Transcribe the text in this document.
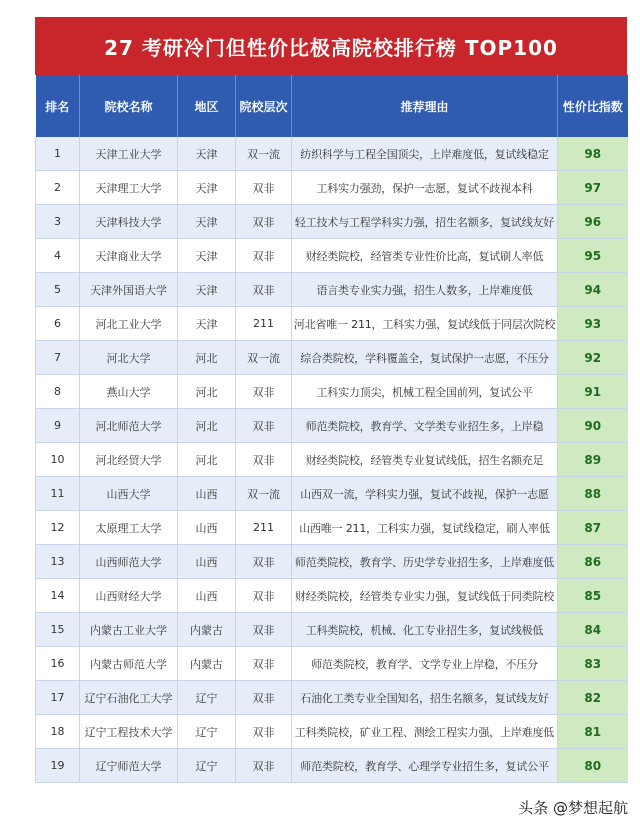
27 考研冷门但性价比极高院校排行榜 TOP100
排名	院校名称	地区	院校层次	推荐理由	性价比指数
1	天津工业大学	天津	双一流	纺织科学与工程全国顶尖，上岸难度低，复试线稳定	98
2	天津理工大学	天津	双非	工科实力强劲，保护一志愿，复试不歧视本科	97
3	天津科技大学	天津	双非	轻工技术与工程学科实力强，招生名额多，复试线友好	96
4	天津商业大学	天津	双非	财经类院校，经管类专业性价比高，复试刷人率低	95
5	天津外国语大学	天津	双非	语言类专业实力强，招生人数多，上岸难度低	94
6	河北工业大学	天津	211	河北省唯一 211，工科实力强，复试线低于同层次院校	93
7	河北大学	河北	双一流	综合类院校，学科覆盖全，复试保护一志愿，不压分	92
8	燕山大学	河北	双非	工科实力顶尖，机械工程全国前列，复试公平	91
9	河北师范大学	河北	双非	师范类院校，教育学、文学类专业招生多，上岸稳	90
10	河北经贸大学	河北	双非	财经类院校，经管类专业复试线低，招生名额充足	89
11	山西大学	山西	双一流	山西双一流，学科实力强，复试不歧视，保护一志愿	88
12	太原理工大学	山西	211	山西唯一 211，工科实力强，复试线稳定，刷人率低	87
13	山西师范大学	山西	双非	师范类院校，教育学、历史学专业招生多，上岸难度低	86
14	山西财经大学	山西	双非	财经类院校，经管类专业实力强，复试线低于同类院校	85
15	内蒙古工业大学	内蒙古	双非	工科类院校，机械、化工专业招生多，复试线极低	84
16	内蒙古师范大学	内蒙古	双非	师范类院校，教育学、文学专业上岸稳，不压分	83
17	辽宁石油化工大学	辽宁	双非	石油化工类专业全国知名，招生名额多，复试线友好	82
18	辽宁工程技术大学	辽宁	双非	工科类院校，矿业工程、测绘工程实力强，上岸难度低	81
19	辽宁师范大学	辽宁	双非	师范类院校，教育学、心理学专业招生多，复试公平	80
头条 @梦想起航
